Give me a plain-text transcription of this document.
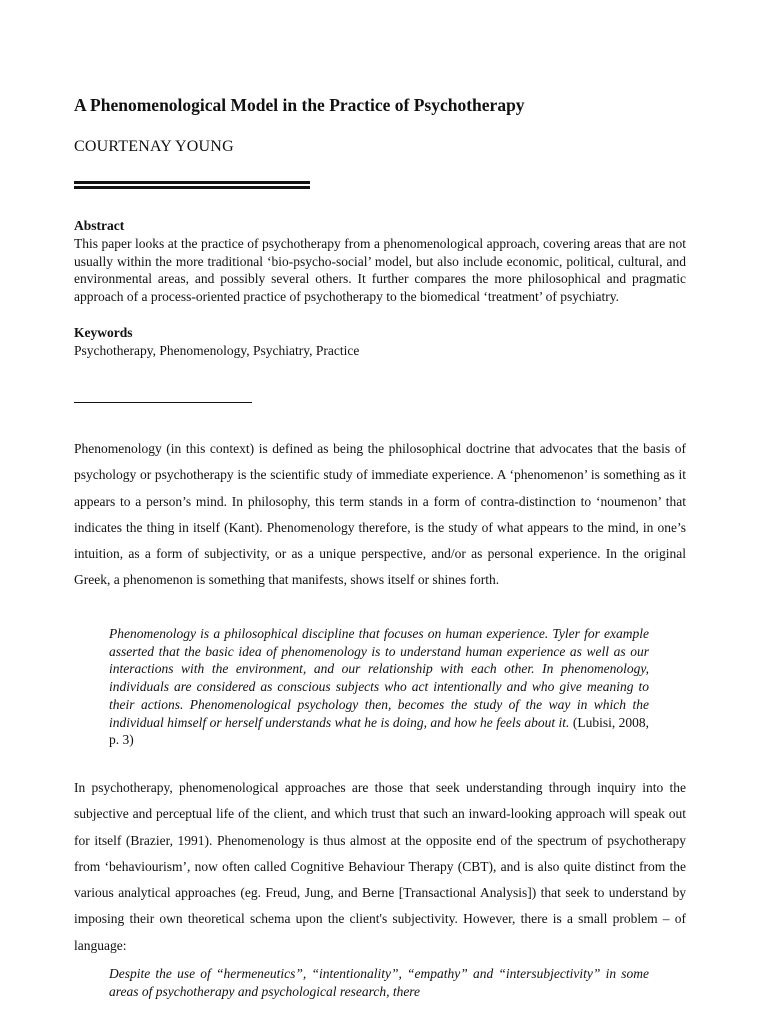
A Phenomenological Model in the Practice of Psychotherapy
COURTENAY YOUNG
Abstract
This paper looks at the practice of psychotherapy from a phenomenological approach, covering areas that are not usually within the more traditional ‘bio-psycho-social’ model, but also include economic, political, cultural, and environmental areas, and possibly several others. It further compares the more philosophical and pragmatic approach of a process-oriented practice of psychotherapy to the biomedical ‘treatment’ of psychiatry.
Keywords
Psychotherapy, Phenomenology, Psychiatry, Practice
Phenomenology (in this context) is defined as being the philosophical doctrine that advocates that the basis of psychology or psychotherapy is the scientific study of immediate experience. A ‘phenomenon’ is something as it appears to a person’s mind. In philosophy, this term stands in a form of contra-distinction to ‘noumenon’ that indicates the thing in itself (Kant). Phenomenology therefore, is the study of what appears to the mind, in one’s intuition, as a form of subjectivity, or as a unique perspective, and/or as personal experience. In the original Greek, a phenomenon is something that manifests, shows itself or shines forth.
Phenomenology is a philosophical discipline that focuses on human experience. Tyler for example asserted that the basic idea of phenomenology is to understand human experience as well as our interactions with the environment, and our relationship with each other. In phenomenology, individuals are considered as conscious subjects who act intentionally and who give meaning to their actions. Phenomenological psychology then, becomes the study of the way in which the individual himself or herself understands what he is doing, and how he feels about it. (Lubisi, 2008, p. 3)
In psychotherapy, phenomenological approaches are those that seek understanding through inquiry into the subjective and perceptual life of the client, and which trust that such an inward-looking approach will speak out for itself (Brazier, 1991). Phenomenology is thus almost at the opposite end of the spectrum of psychotherapy from ‘behaviourism’, now often called Cognitive Behaviour Therapy (CBT), and is also quite distinct from the various analytical approaches (eg. Freud, Jung, and Berne [Transactional Analysis]) that seek to understand by imposing their own theoretical schema upon the client's subjectivity. However, there is a small problem – of language:
Despite the use of “hermeneutics”, “intentionality”, “empathy” and “intersubjectivity” in some areas of psychotherapy and psychological research, there
